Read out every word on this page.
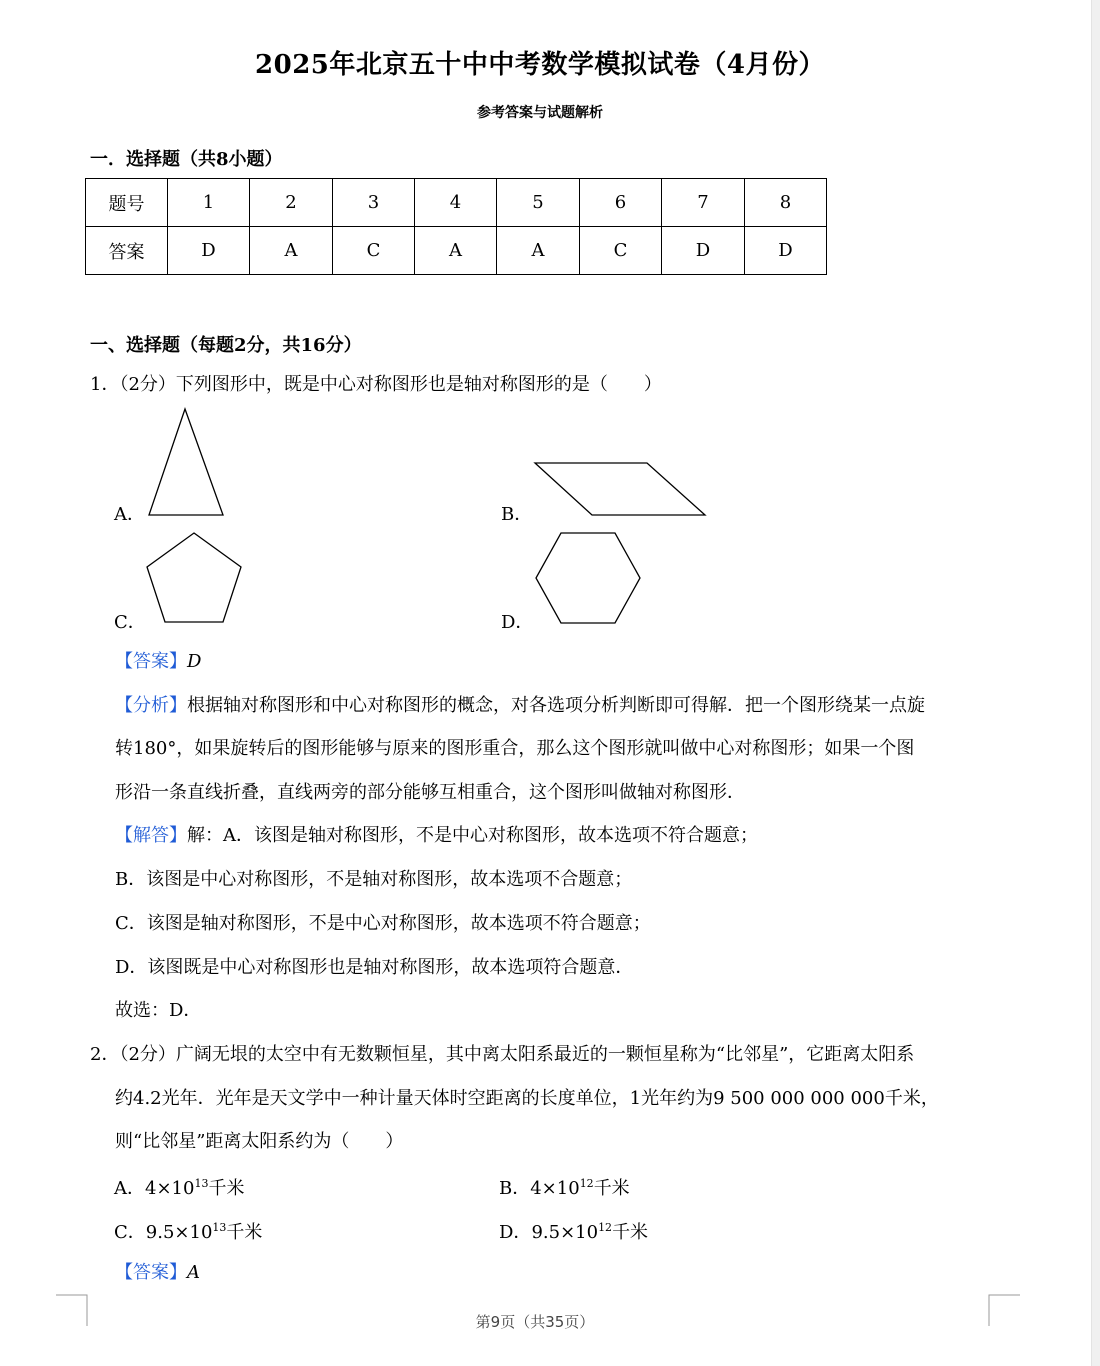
2025年北京五十中中考数学模拟试卷（4月份）
参考答案与试题解析
一．选择题（共8小题）
题号	1	2	3	4	5	6	7	8
答案	D	A	C	A	A	C	D	D
一、选择题（每题2分，共16分）
1．（2分）下列图形中，既是中心对称图形也是轴对称图形的是（　　）
A．	B．
C．	D．
【答案】D
【分析】根据轴对称图形和中心对称图形的概念，对各选项分析判断即可得解．把一个图形绕某一点旋
转180°，如果旋转后的图形能够与原来的图形重合，那么这个图形就叫做中心对称图形；如果一个图
形沿一条直线折叠，直线两旁的部分能够互相重合，这个图形叫做轴对称图形．
【解答】解：A．该图是轴对称图形，不是中心对称图形，故本选项不符合题意；
B．该图是中心对称图形，不是轴对称图形，故本选项不合题意；
C．该图是轴对称图形，不是中心对称图形，故本选项不符合题意；
D．该图既是中心对称图形也是轴对称图形，故本选项符合题意．
故选：D．
2．（2分）广阔无垠的太空中有无数颗恒星，其中离太阳系最近的一颗恒星称为“比邻星”，它距离太阳系
约4.2光年．光年是天文学中一种计量天体时空距离的长度单位，1光年约为9 500 000 000 000千米，
则“比邻星”距离太阳系约为（　　）
A．$4\times 10^{13}$千米	B．$4\times 10^{12}$千米
C．$9.5\times 10^{13}$千米	D．$9.5\times 10^{12}$千米
【答案】A
第9页（共35页）
